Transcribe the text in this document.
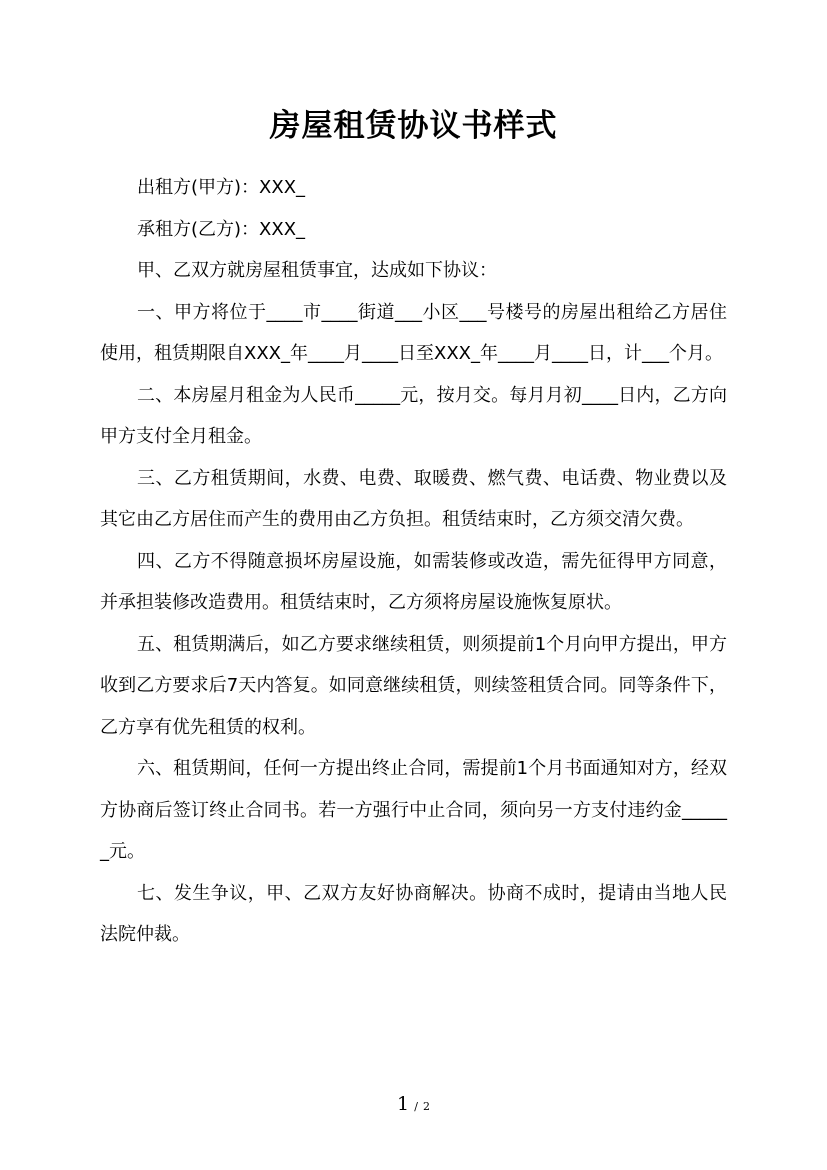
房屋租赁协议书样式

出租方(甲方)：XXX_

承租方(乙方)：XXX_

甲、乙双方就房屋租赁事宜，达成如下协议：

一、甲方将位于____市____街道___小区___号楼号的房屋出租给乙方居住使用，租赁期限自XXX_年____月____日至XXX_年____月____日，计___个月。

二、本房屋月租金为人民币_____元，按月交。每月月初____日内，乙方向甲方支付全月租金。

三、乙方租赁期间，水费、电费、取暖费、燃气费、电话费、物业费以及其它由乙方居住而产生的费用由乙方负担。租赁结束时，乙方须交清欠费。

四、乙方不得随意损坏房屋设施，如需装修或改造，需先征得甲方同意，并承担装修改造费用。租赁结束时，乙方须将房屋设施恢复原状。

五、租赁期满后，如乙方要求继续租赁，则须提前1个月向甲方提出，甲方收到乙方要求后7天内答复。如同意继续租赁，则续签租赁合同。同等条件下，乙方享有优先租赁的权利。

六、租赁期间，任何一方提出终止合同，需提前1个月书面通知对方，经双方协商后签订终止合同书。若一方强行中止合同，须向另一方支付违约金______元。

七、发生争议，甲、乙双方友好协商解决。协商不成时，提请由当地人民法院仲裁。

1 / 2
